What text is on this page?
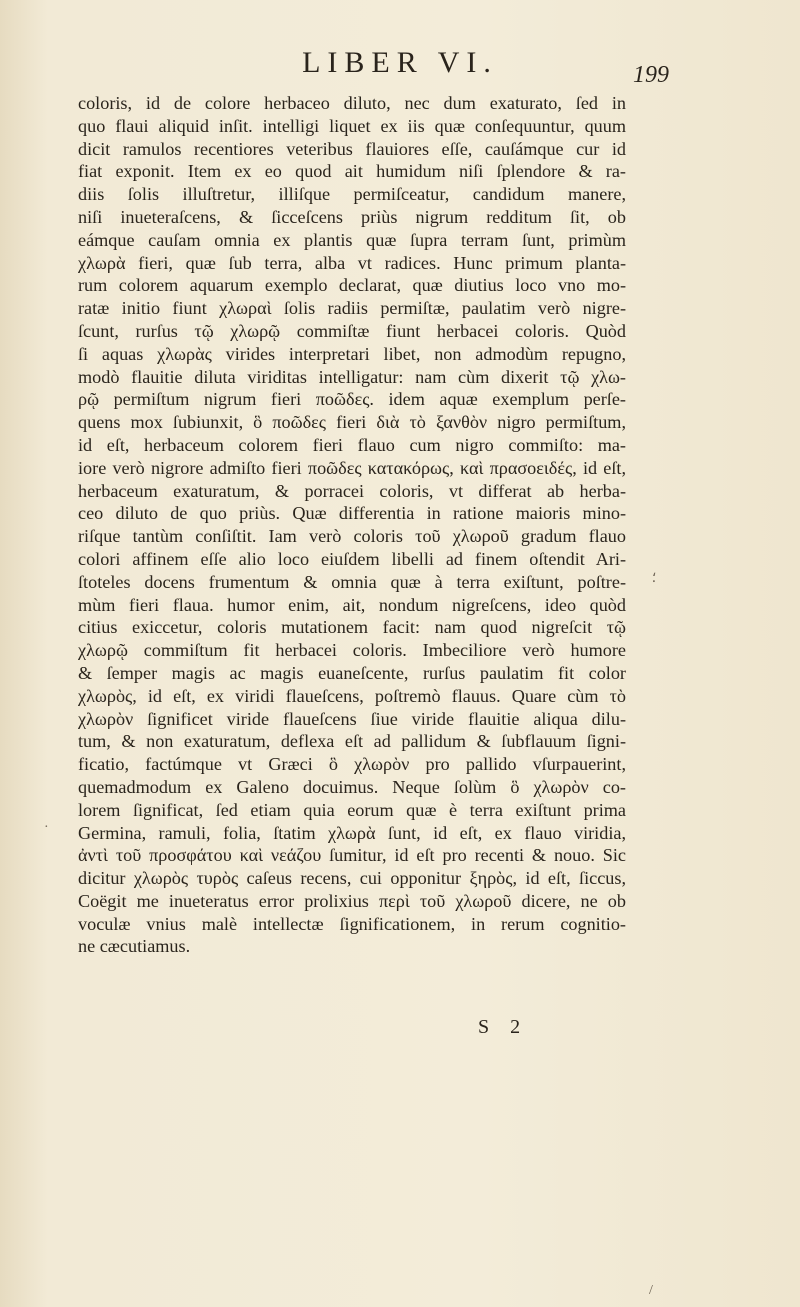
LIBER VI.	199
coloris, id de colore herbaceo diluto, nec dum exaturato, ſed in
quo flaui aliquid inſit. intelligi liquet ex iis quæ conſequuntur, quum
dicit ramulos recentiores veteribus flauiores eſſe, cauſámque cur id
fiat exponit. Item ex eo quod ait humidum niſi ſplendore & ra-
diis ſolis illuſtretur, illiſque permiſceatur, candidum manere,
niſi inueteraſcens, & ſicceſcens priùs nigrum redditum ſit, ob
eámque cauſam omnia ex plantis quæ ſupra terram ſunt, primùm
χλωρὰ fieri, quæ ſub terra, alba vt radices. Hunc primum planta-
rum colorem aquarum exemplo declarat, quæ diutius loco vno mo-
ratæ initio fiunt χλωραὶ ſolis radiis permiſtæ, paulatim verò nigre-
ſcunt, rurſus τῷ χλωρῷ commiſtæ fiunt herbacei coloris. Quòd
ſi aquas χλωρὰς virides interpretari libet, non admodùm repugno,
modò flauitie diluta viriditas intelligatur: nam cùm dixerit τῷ χλω-
ρῷ permiſtum nigrum fieri ποῶδες. idem aquæ exemplum perſe-
quens mox ſubiunxit, ὃ ποῶδες fieri διὰ τὸ ξανθὸν nigro permiſtum,
id eſt, herbaceum colorem fieri flauo cum nigro commiſto: ma-
iore verò nigrore admiſto fieri ποῶδες κατακόρως, καὶ πρασοειδές, id eſt,
herbaceum exaturatum, & porracei coloris, vt differat ab herba-
ceo diluto de quo priùs. Quæ differentia in ratione maioris mino-
riſque tantùm conſiſtit. Iam verò coloris τοῦ χλωροῦ gradum flauo
colori affinem eſſe alio loco eiuſdem libelli ad finem oſtendit Ari-
ſtoteles docens frumentum & omnia quæ à terra exiſtunt, poſtre-
mùm fieri flaua. humor enim, ait, nondum nigreſcens, ideo quòd
citius exiccetur, coloris mutationem facit: nam quod nigreſcit τῷ
χλωρῷ commiſtum fit herbacei coloris. Imbeciliore verò humore
& ſemper magis ac magis euaneſcente, rurſus paulatim fit color
χλωρὸς, id eſt, ex viridi flaueſcens, poſtremò flauus. Quare cùm τὸ
χλωρὸν ſignificet viride flaueſcens ſiue viride flauitie aliqua dilu-
tum, & non exaturatum, deflexa eſt ad pallidum & ſubflauum ſigni-
ficatio, factúmque vt Græci ὃ χλωρὸν pro pallido vſurpauerint,
quemadmodum ex Galeno docuimus. Neque ſolùm ὃ χλωρὸν co-
lorem ſignificat, ſed etiam quia eorum quæ è terra exiſtunt prima
Germina, ramuli, folia, ſtatim χλωρὰ ſunt, id eſt, ex flauo viridia,
ἀντὶ τοῦ προσφάτου καὶ νεάζου ſumitur, id eſt pro recenti & nouo. Sic
dicitur χλωρὸς τυρὸς caſeus recens, cui opponitur ξηρὸς, id eſt, ſiccus,
Coëgit me inueteratus error prolixius περὶ τοῦ χλωροῦ dicere, ne ob
voculæ vnius malè intellectæ ſignificationem, in rerum cognitio-
ne cæcutiamus.
S 2
⸵
·
/
